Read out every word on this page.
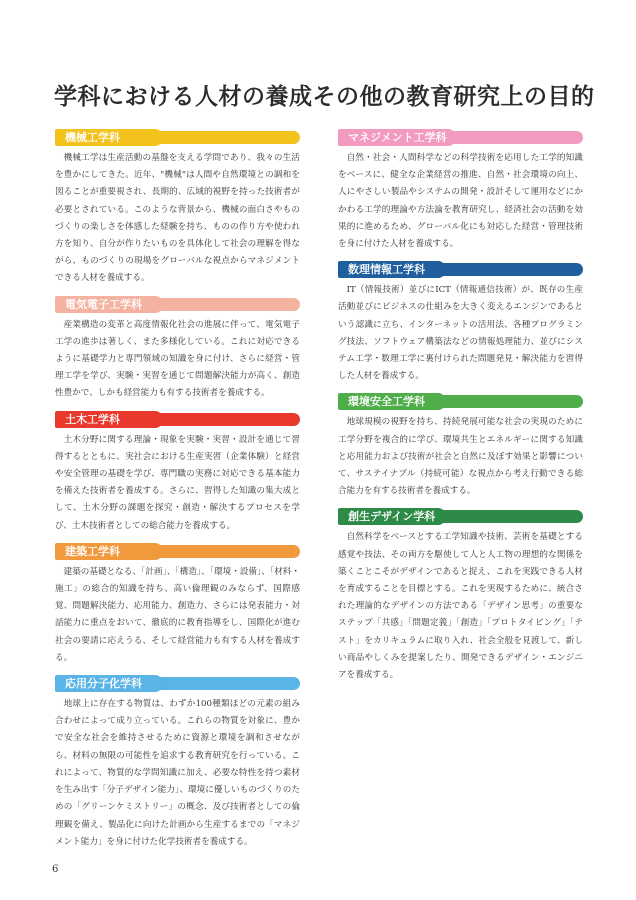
学科における人材の養成その他の教育研究上の目的
機械工学科

機械工学は生産活動の基盤を支える学問であり、我々の生活を豊かにしてきた。近年、"機械"は人間や自然環境との調和を図ることが重要視され、長期的、広域的視野を持った技術者が必要とされている。このような背景から、機械の面白さやものづくりの楽しさを体感した経験を持ち、ものの作り方や使われ方を知り、自分が作りたいものを具体化して社会の理解を得ながら、ものづくりの現場をグローバルな視点からマネジメントできる人材を養成する。

電気電子工学科

産業構造の変革と高度情報化社会の進展に伴って、電気電子工学の進歩は著しく、また多様化している。これに対応できるように基礎学力と専門領域の知識を身に付け、さらに経営・管理工学を学び、実験・実習を通じて問題解決能力が高く、創造性豊かで、しかも経営能力も有する技術者を養成する。

土木工学科

土木分野に関する理論・現象を実験・実習・設計を通じて習得するとともに、実社会における生産実習（企業体験）と経営や安全管理の基礎を学び、専門職の実務に対応できる基本能力を備えた技術者を養成する。さらに、習得した知識の集大成として、土木分野の課題を探究・創造・解決するプロセスを学び、土木技術者としての総合能力を養成する。

建築工学科

建築の基礎となる、「計画」、「構造」、「環境・設備」、「材料・施工」の総合的知識を持ち、高い倫理観のみならず、国際感覚、問題解決能力、応用能力、創造力、さらには発表能力・対話能力に重点をおいて、徹底的に教育指導をし、国際化が進む社会の要請に応えうる、そして経営能力も有する人材を養成する。

応用分子化学科

地球上に存在する物質は、わずか100種類ほどの元素の組み合わせによって成り立っている。これらの物質を対象に、豊かで安全な社会を維持させるために資源と環境を調和させながら、材料の無限の可能性を追求する教育研究を行っている。これによって、物質的な学問知識に加え、必要な特性を持つ素材を生み出す「分子デザイン能力」、環境に優しいものづくりのための「グリーンケミストリー」の概念、及び技術者としての倫理観を備え、製品化に向けた計画から生産するまでの「マネジメント能力」を身に付けた化学技術者を養成する。

マネジメント工学科

自然・社会・人間科学などの科学技術を応用した工学的知識をベースに、健全な企業経営の推進、自然・社会環境の向上、人にやさしい製品やシステムの開発・設計そして運用などにかかわる工学的理論や方法論を教育研究し、経済社会の活動を効果的に進めるため、グローバル化にも対応した経営・管理技術を身に付けた人材を養成する。

数理情報工学科

IT（情報技術）並びにICT（情報通信技術）が、既存の生産活動並びにビジネスの仕組みを大きく変えるエンジンであるという認識に立ち、インターネットの活用法、各種プログラミング技法、ソフトウェア構築法などの情報処理能力、並びにシステム工学・数理工学に裏付けられた問題発見・解決能力を習得した人材を養成する。

環境安全工学科

地球規模の視野を持ち、持続発展可能な社会の実現のために工学分野を複合的に学び、環境共生とエネルギーに関する知識と応用能力および技術が社会と自然に及ぼす効果と影響について、サステイナブル（持続可能）な視点から考え行動できる総合能力を有する技術者を養成する。

創生デザイン学科

自然科学をベースとする工学知識や技術、芸術を基礎とする感覚や技法、その両方を駆使して人と人工物の理想的な関係を築くことこそがデザインであると捉え、これを実践できる人材を育成することを目標とする。これを実現するために、統合された理論的なデザインの方法である「デザイン思考」の重要なステップ「共感」「問題定義」「創造」「プロトタイピング」「テスト」をカリキュラムに取り入れ、社会全般を見渡して、新しい商品やしくみを提案したり、開発できるデザイン・エンジニアを養成する。

6
